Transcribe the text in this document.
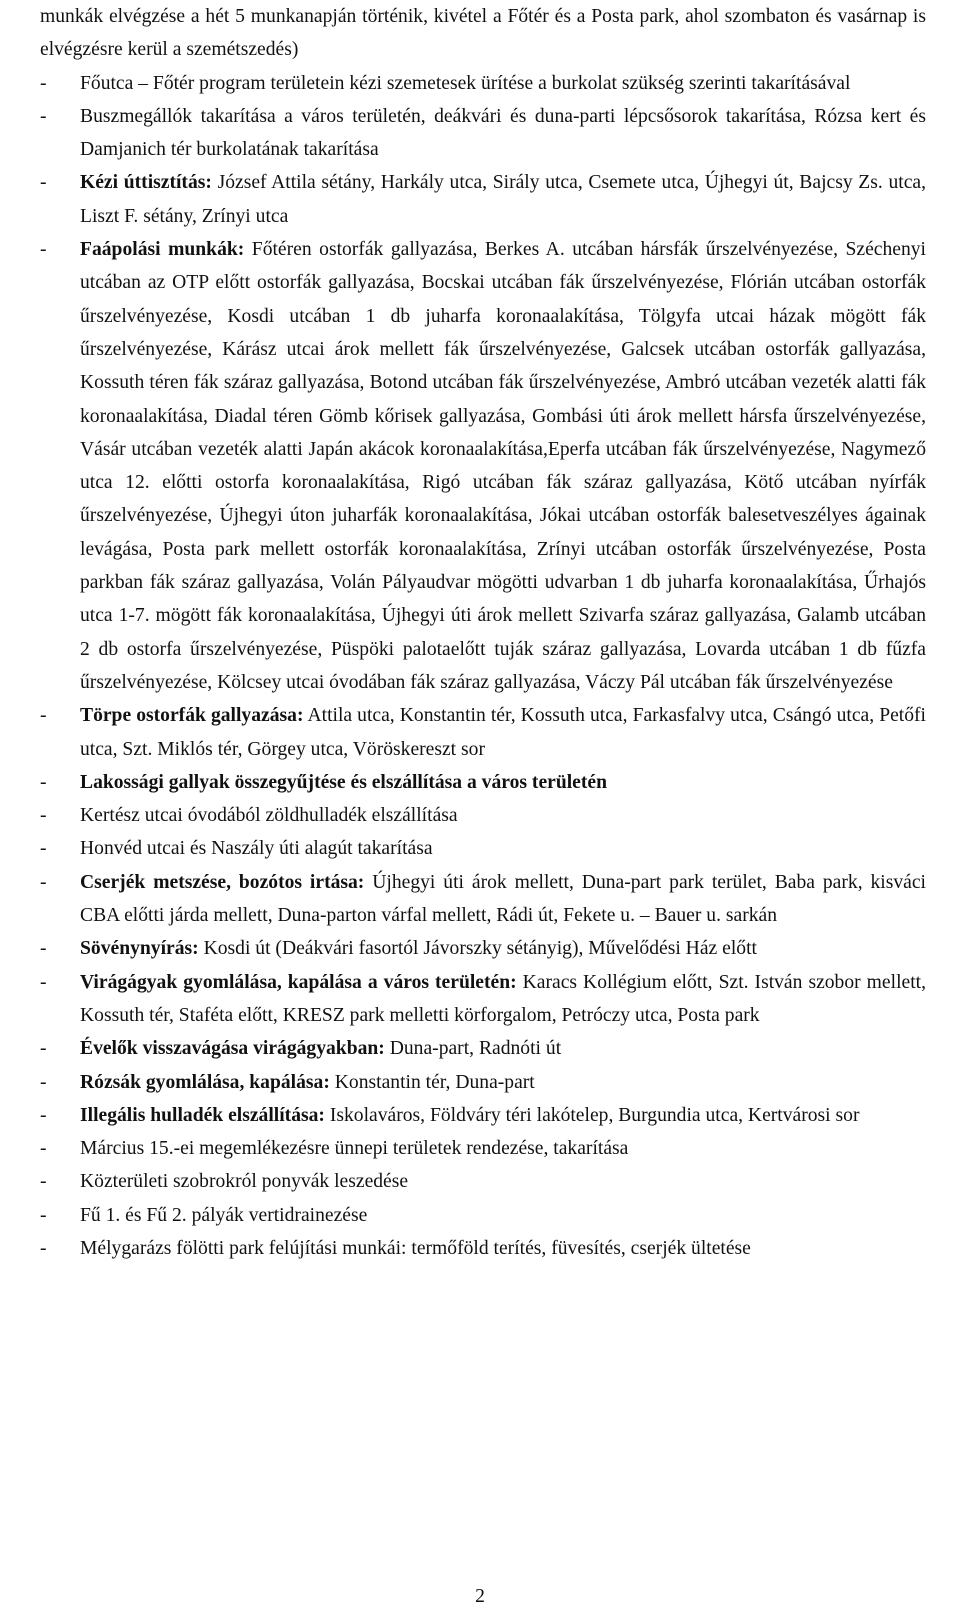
munkák elvégzése a hét 5 munkanapján történik, kivétel a Főtér és a Posta park, ahol szombaton és vasárnap is elvégzésre kerül a szemétszedés)
- Főutca – Főtér program területein kézi szemetesek ürítése a burkolat szükség szerinti takarításával
- Buszmegállók takarítása a város területén, deákvári és duna-parti lépcsősorok takarítása, Rózsa kert és Damjanich tér burkolatának takarítása
- Kézi úttisztítás: József Attila sétány, Harkály utca, Sirály utca, Csemete utca, Újhegyi út, Bajcsy Zs. utca, Liszt F. sétány, Zrínyi utca
- Faápolási munkák: Főtéren ostorfák gallyazása, Berkes A. utcában hársfák űrszelvényezése, Széchenyi utcában az OTP előtt ostorfák gallyazása, Bocskai utcában fák űrszelvényezése, Flórián utcában ostorfák űrszelvényezése, Kosdi utcában 1 db juharfa koronaalakítása, Tölgyfa utcai házak mögött fák űrszelvényezése, Kárász utcai árok mellett fák űrszelvényezése, Galcsek utcában ostorfák gallyazása, Kossuth téren fák száraz gallyazása, Botond utcában fák űrszelvényezése, Ambró utcában vezeték alatti fák koronaalakítása, Diadal téren Gömb kőrisek gallyazása, Gombási úti árok mellett hársfa űrszelvényezése, Vásár utcában vezeték alatti Japán akácok koronaalakítása,Eperfa utcában fák űrszelvényezése, Nagymező utca 12. előtti ostorfa koronaalakítása, Rigó utcában fák száraz gallyazása, Kötő utcában nyírfák űrszelvényezése, Újhegyi úton juharfák koronaalakítása, Jókai utcában ostorfák balesetveszélyes ágainak levágása, Posta park mellett ostorfák koronaalakítása, Zrínyi utcában ostorfák űrszelvényezése, Posta parkban fák száraz gallyazása, Volán Pályaudvar mögötti udvarban 1 db juharfa koronaalakítása, Űrhajós utca 1-7. mögött fák koronaalakítása, Újhegyi úti árok mellett Szivarfa száraz gallyazása, Galamb utcában 2 db ostorfa űrszelvényezése, Püspöki palotaelőtt tuják száraz gallyazása, Lovarda utcában 1 db fűzfa űrszelvényezése, Kölcsey utcai óvodában fák száraz gallyazása, Váczy Pál utcában fák űrszelvényezése
- Törpe ostorfák gallyazása: Attila utca, Konstantin tér, Kossuth utca, Farkasfalvy utca, Csángó utca, Petőfi utca, Szt. Miklós tér, Görgey utca, Vöröskereszt sor
- Lakossági gallyak összegyűjtése és elszállítása a város területén
- Kertész utcai óvodából zöldhulladék elszállítása
- Honvéd utcai és Naszály úti alagút takarítása
- Cserjék metszése, bozótos irtása: Újhegyi úti árok mellett, Duna-part park terület, Baba park, kisváci CBA előtti járda mellett, Duna-parton várfal mellett, Rádi út, Fekete u. – Bauer u. sarkán
- Sövénynyírás: Kosdi út (Deákvári fasortól Jávorszky sétányig), Művelődési Ház előtt
- Virágágyak gyomlálása, kapálása a város területén: Karacs Kollégium előtt, Szt. István szobor mellett, Kossuth tér, Staféta előtt, KRESZ park melletti körforgalom, Petróczy utca, Posta park
- Évelők visszavágása virágágyakban: Duna-part, Radnóti út
- Rózsák gyomlálása, kapálása: Konstantin tér, Duna-part
- Illegális hulladék elszállítása: Iskolaváros, Földváry téri lakótelep, Burgundia utca, Kertvárosi sor
- Március 15.-ei megemlékezésre ünnepi területek rendezése, takarítása
- Közterületi szobrokról ponyvák leszedése
- Fű 1. és Fű 2. pályák vertidrainezése
- Mélygarázs fölötti park felújítási munkái: termőföld terítés, füvesítés, cserjék ültetése
2
